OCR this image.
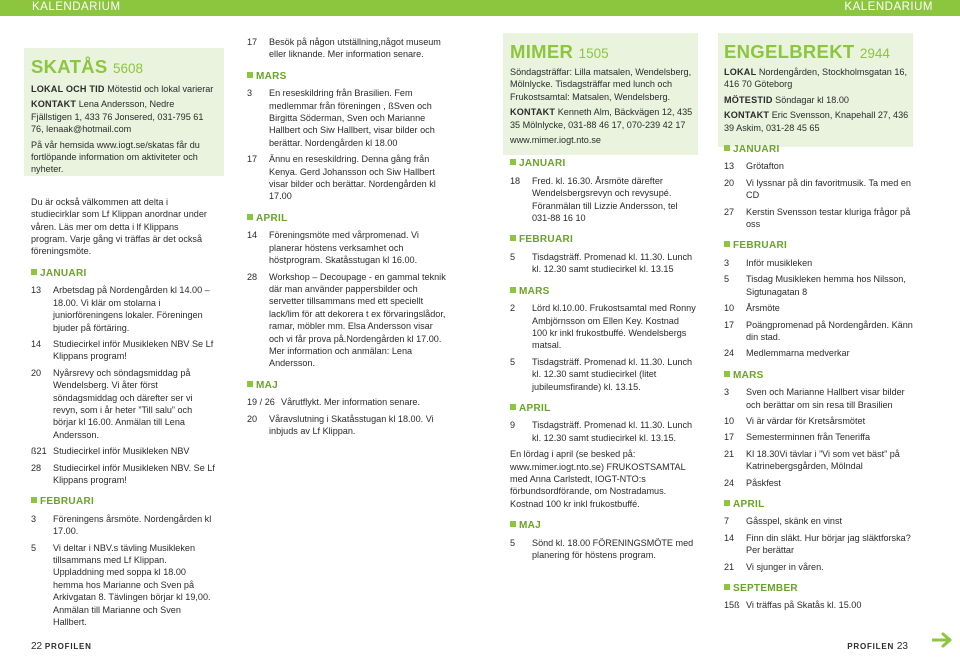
KALENDARIUM	KALENDARIUM
SKATÅS 5608

LOKAL OCH TID Mötestid och lokal varierar

KONTAKT Lena Andersson, Nedre Fjällstigen 1, 433 76 Jonsered, 031-795 61 76, lenaak@hotmail.com

På vår hemsida www.iogt.se/skatas får du fortlöpande information om aktiviteter och nyheter.

Du är också välkommen att delta i studiecirklar som Lf Klippan anordnar under våren. Läs mer om detta i lf Klippans program. Varje gång vi träffas är det också föreningsmöte.

JANUARI
13	Arbetsdag på Nordengården kl 14.00 – 18.00. Vi klär om stolarna i juniorföreningens lokaler. Föreningen bjuder på förtäring.
14	Studiecirkel inför Musikleken NBV Se Lf Klippans program!
20	Nyårsrevy och söndagsmiddag på Wendelsberg. Vi åter först söndagsmiddag och därefter ser vi revyn, som i år heter ”Till salu” och börjar kl 16.00. Anmälan till Lena Andersson.
ß21 Studiecirkel inför Musikleken NBV
28	Studiecirkel inför Musikleken NBV. Se Lf Klippans program!
FEBRUARI
3	Föreningens årsmöte. Nordengården kl 17.00.
5	Vi deltar i NBV.s tävling Musikleken tillsammans med Lf Klippan. Uppladdning med soppa kl 18.00 hemma hos Marianne och Sven på Arkivgatan 8. Tävlingen börjar kl 19,00. Anmälan till Marianne och Sven Hallbert.
17	Besök på någon utställning,något museum eller liknande. Mer information senare.
MARS
3	En reseskildring från Brasilien. Fem medlemmar från föreningen , ßSven och Birgitta Söderman, Sven och Marianne Hallbert och Siw Hallbert, visar bilder och berättar. Nordengården kl 18.00
17	Ännu en reseskildring. Denna gång från Kenya. Gerd Johansson och Siw Hallbert visar bilder och berättar. Nordengården kl 17.00
APRIL
14	Föreningsmöte med vårpromenad. Vi planerar höstens verksamhet och höstprogram. Skatåsstugan kl 16.00.
28	Workshop – Decoupage - en gammal teknik där man använder pappersbilder och servetter tillsammans med ett speciellt lack/lim för att dekorera t ex förvaringslådor, ramar, möbler mm. Elsa Andersson visar och vi får prova på.Nordengården kl 17.00. Mer information och anmälan: Lena Andersson.
MAJ
19 / 26 Vårutflykt. Mer information senare.
20	Våravslutning i Skatåsstugan kl 18.00. Vi inbjuds av Lf Klippan.
MIMER 1505

Söndagsträffar: Lilla matsalen, Wendelsberg, Mölnlycke. Tisdagsträffar med lunch och Frukostsamtal: Matsalen, Wendelsberg.

KONTAKT Kenneth Alm, Bäckvägen 12, 435 35 Mölnlycke, 031-88 46 17, 070-239 42 17

www.mimer.iogt.nto.se

JANUARI
18	Fred. kl. 16.30. Årsmöte därefter Wendelsbergsrevyn och revysupé. Föranmälan till Lizzie Andersson, tel 031-88 16 10
FEBRUARI
5	Tisdagsträff. Promenad kl. 11.30. Lunch kl. 12.30 samt studiecirkel kl. 13.15
MARS
2	Lörd kl.10.00. Frukostsamtal med Ronny Ambjörnsson om Ellen Key. Kostnad 100 kr inkl frukostbuffé. Wendelsbergs matsal.
5	Tisdagsträff. Promenad kl. 11.30. Lunch kl. 12.30 samt studiecirkel (litet jubileumsfirande) kl. 13.15.
APRIL
9	Tisdagsträff. Promenad kl. 11.30. Lunch kl. 12.30 samt studiecirkel kl. 13.15.

En lördag i april (se besked på: www.mimer.iogt.nto.se) FRUKOSTSAMTAL med Anna Carlstedt, IOGT-NTO:s förbundsordförande, om Nostradamus. Kostnad 100 kr inkl frukostbuffé.

MAJ
5	Sönd kl. 18.00 FÖRENINGSMÖTE med planering för höstens program.
ENGELBREKT 2944

LOKAL Nordengården, Stockholmsgatan 16, 416 70 Göteborg

MÖTESTID Söndagar kl 18.00

KONTAKT Eric Svensson, Knapehall 27, 436 39 Askim, 031-28 45 65

JANUARI
13	Grötafton
20	Vi lyssnar på din favoritmusik. Ta med en CD
27	Kerstin Svensson testar kluriga frågor på oss
FEBRUARI
3	Inför musikleken
5	Tisdag Musikleken hemma hos Nilsson, Sigtunagatan 8
10	Årsmöte
17	Poängpromenad på Nordengården. Känn din stad.
24	Medlemmarna medverkar
MARS
3	Sven och Marianne Hallbert visar bilder och berättar om sin resa till Brasilien
10	Vi är värdar för Kretsårsmötet
17	Semesterminnen från Teneriffa
21	Kl 18.30Vi tävlar i ”Vi som vet bäst” på Katrinebergsgården, Mölndal
24	Påskfest
APRIL
7	Gåsspel, skänk en vinst
14	Finn din släkt. Hur börjar jag släktforska? Per berättar
21	Vi sjunger in våren.
SEPTEMBER
15ß Vi träffas på Skatås kl. 15.00
22 PROFILEN	PROFILEN 23
